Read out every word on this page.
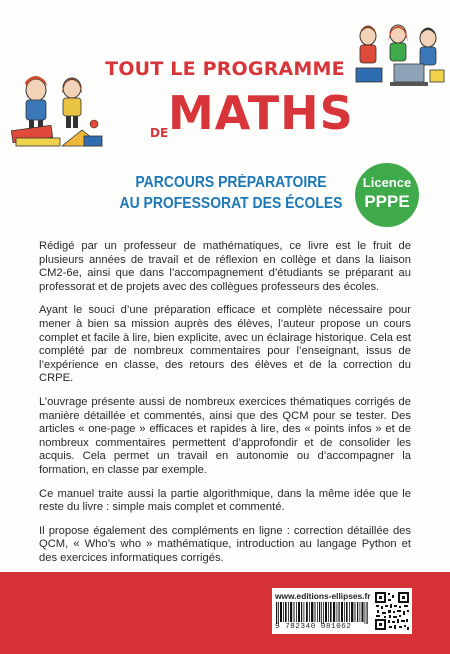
TOUT LE PROGRAMME
DE MATHS
PARCOURS PRÉPARATOIRE
AU PROFESSORAT DES ÉCOLES
Licence
PPPE

Rédigé par un professeur de mathématiques, ce livre est le fruit de plusieurs années de travail et de réflexion en collège et dans la liaison CM2-6e, ainsi que dans l’accompagnement d’étudiants se préparant au professorat et de projets avec des collègues professeurs des écoles.

Ayant le souci d’une préparation efficace et complète nécessaire pour mener à bien sa mission auprès des élèves, l’auteur propose un cours complet et facile à lire, bien explicite, avec un éclairage historique. Cela est complété par de nombreux commentaires pour l’enseignant, issus de l’expérience en classe, des retours des élèves et de la correction du CRPE.

L’ouvrage présente aussi de nombreux exercices thématiques corrigés de manière détaillée et commentés, ainsi que des QCM pour se tester. Des articles « one-page » efficaces et rapides à lire, des « points infos » et de nombreux commentaires permettent d’approfondir et de consolider les acquis. Cela permet un travail en autonomie ou d’accompagner la formation, en classe par exemple.

Ce manuel traite aussi la partie algorithmique, dans la même idée que le reste du livre : simple mais complet et commenté.

Il propose également des compléments en ligne : correction détaillée des QCM, « Who’s who » mathématique, introduction au langage Python et des exercices informatiques corrigés.

www.editions-ellipses.fr
9 782340 081062
